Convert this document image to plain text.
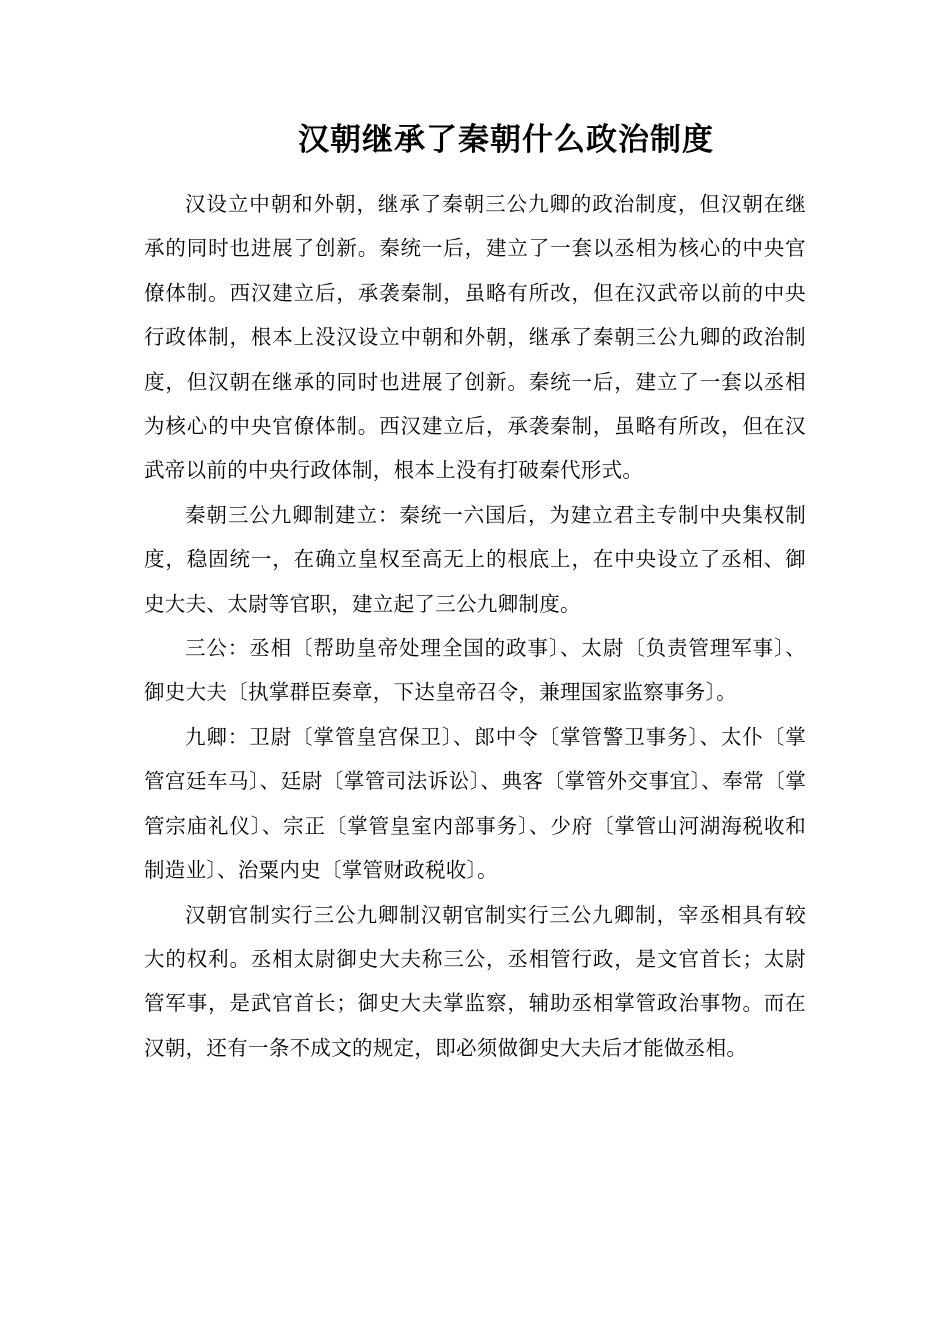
汉朝继承了秦朝什么政治制度

汉设立中朝和外朝，继承了秦朝三公九卿的政治制度，但汉朝在继承的同时也进展了创新。秦统一后，建立了一套以丞相为核心的中央官僚体制。西汉建立后，承袭秦制，虽略有所改，但在汉武帝以前的中央行政体制，根本上没汉设立中朝和外朝，继承了秦朝三公九卿的政治制度，但汉朝在继承的同时也进展了创新。秦统一后，建立了一套以丞相为核心的中央官僚体制。西汉建立后，承袭秦制，虽略有所改，但在汉武帝以前的中央行政体制，根本上没有打破秦代形式。

秦朝三公九卿制建立：秦统一六国后，为建立君主专制中央集权制度，稳固统一，在确立皇权至高无上的根底上，在中央设立了丞相、御史大夫、太尉等官职，建立起了三公九卿制度。

三公：丞相〔帮助皇帝处理全国的政事〕、太尉〔负责管理军事〕、御史大夫〔执掌群臣奏章，下达皇帝召令，兼理国家监察事务〕。

九卿：卫尉〔掌管皇宫保卫〕、郎中令〔掌管警卫事务〕、太仆〔掌管宫廷车马〕、廷尉〔掌管司法诉讼〕、典客〔掌管外交事宜〕、奉常〔掌管宗庙礼仪〕、宗正〔掌管皇室内部事务〕、少府〔掌管山河湖海税收和制造业〕、治粟内史〔掌管财政税收〕。

汉朝官制实行三公九卿制汉朝官制实行三公九卿制，宰丞相具有较大的权利。丞相太尉御史大夫称三公，丞相管行政，是文官首长；太尉管军事，是武官首长；御史大夫掌监察，辅助丞相掌管政治事物。而在汉朝，还有一条不成文的规定，即必须做御史大夫后才能做丞相。
